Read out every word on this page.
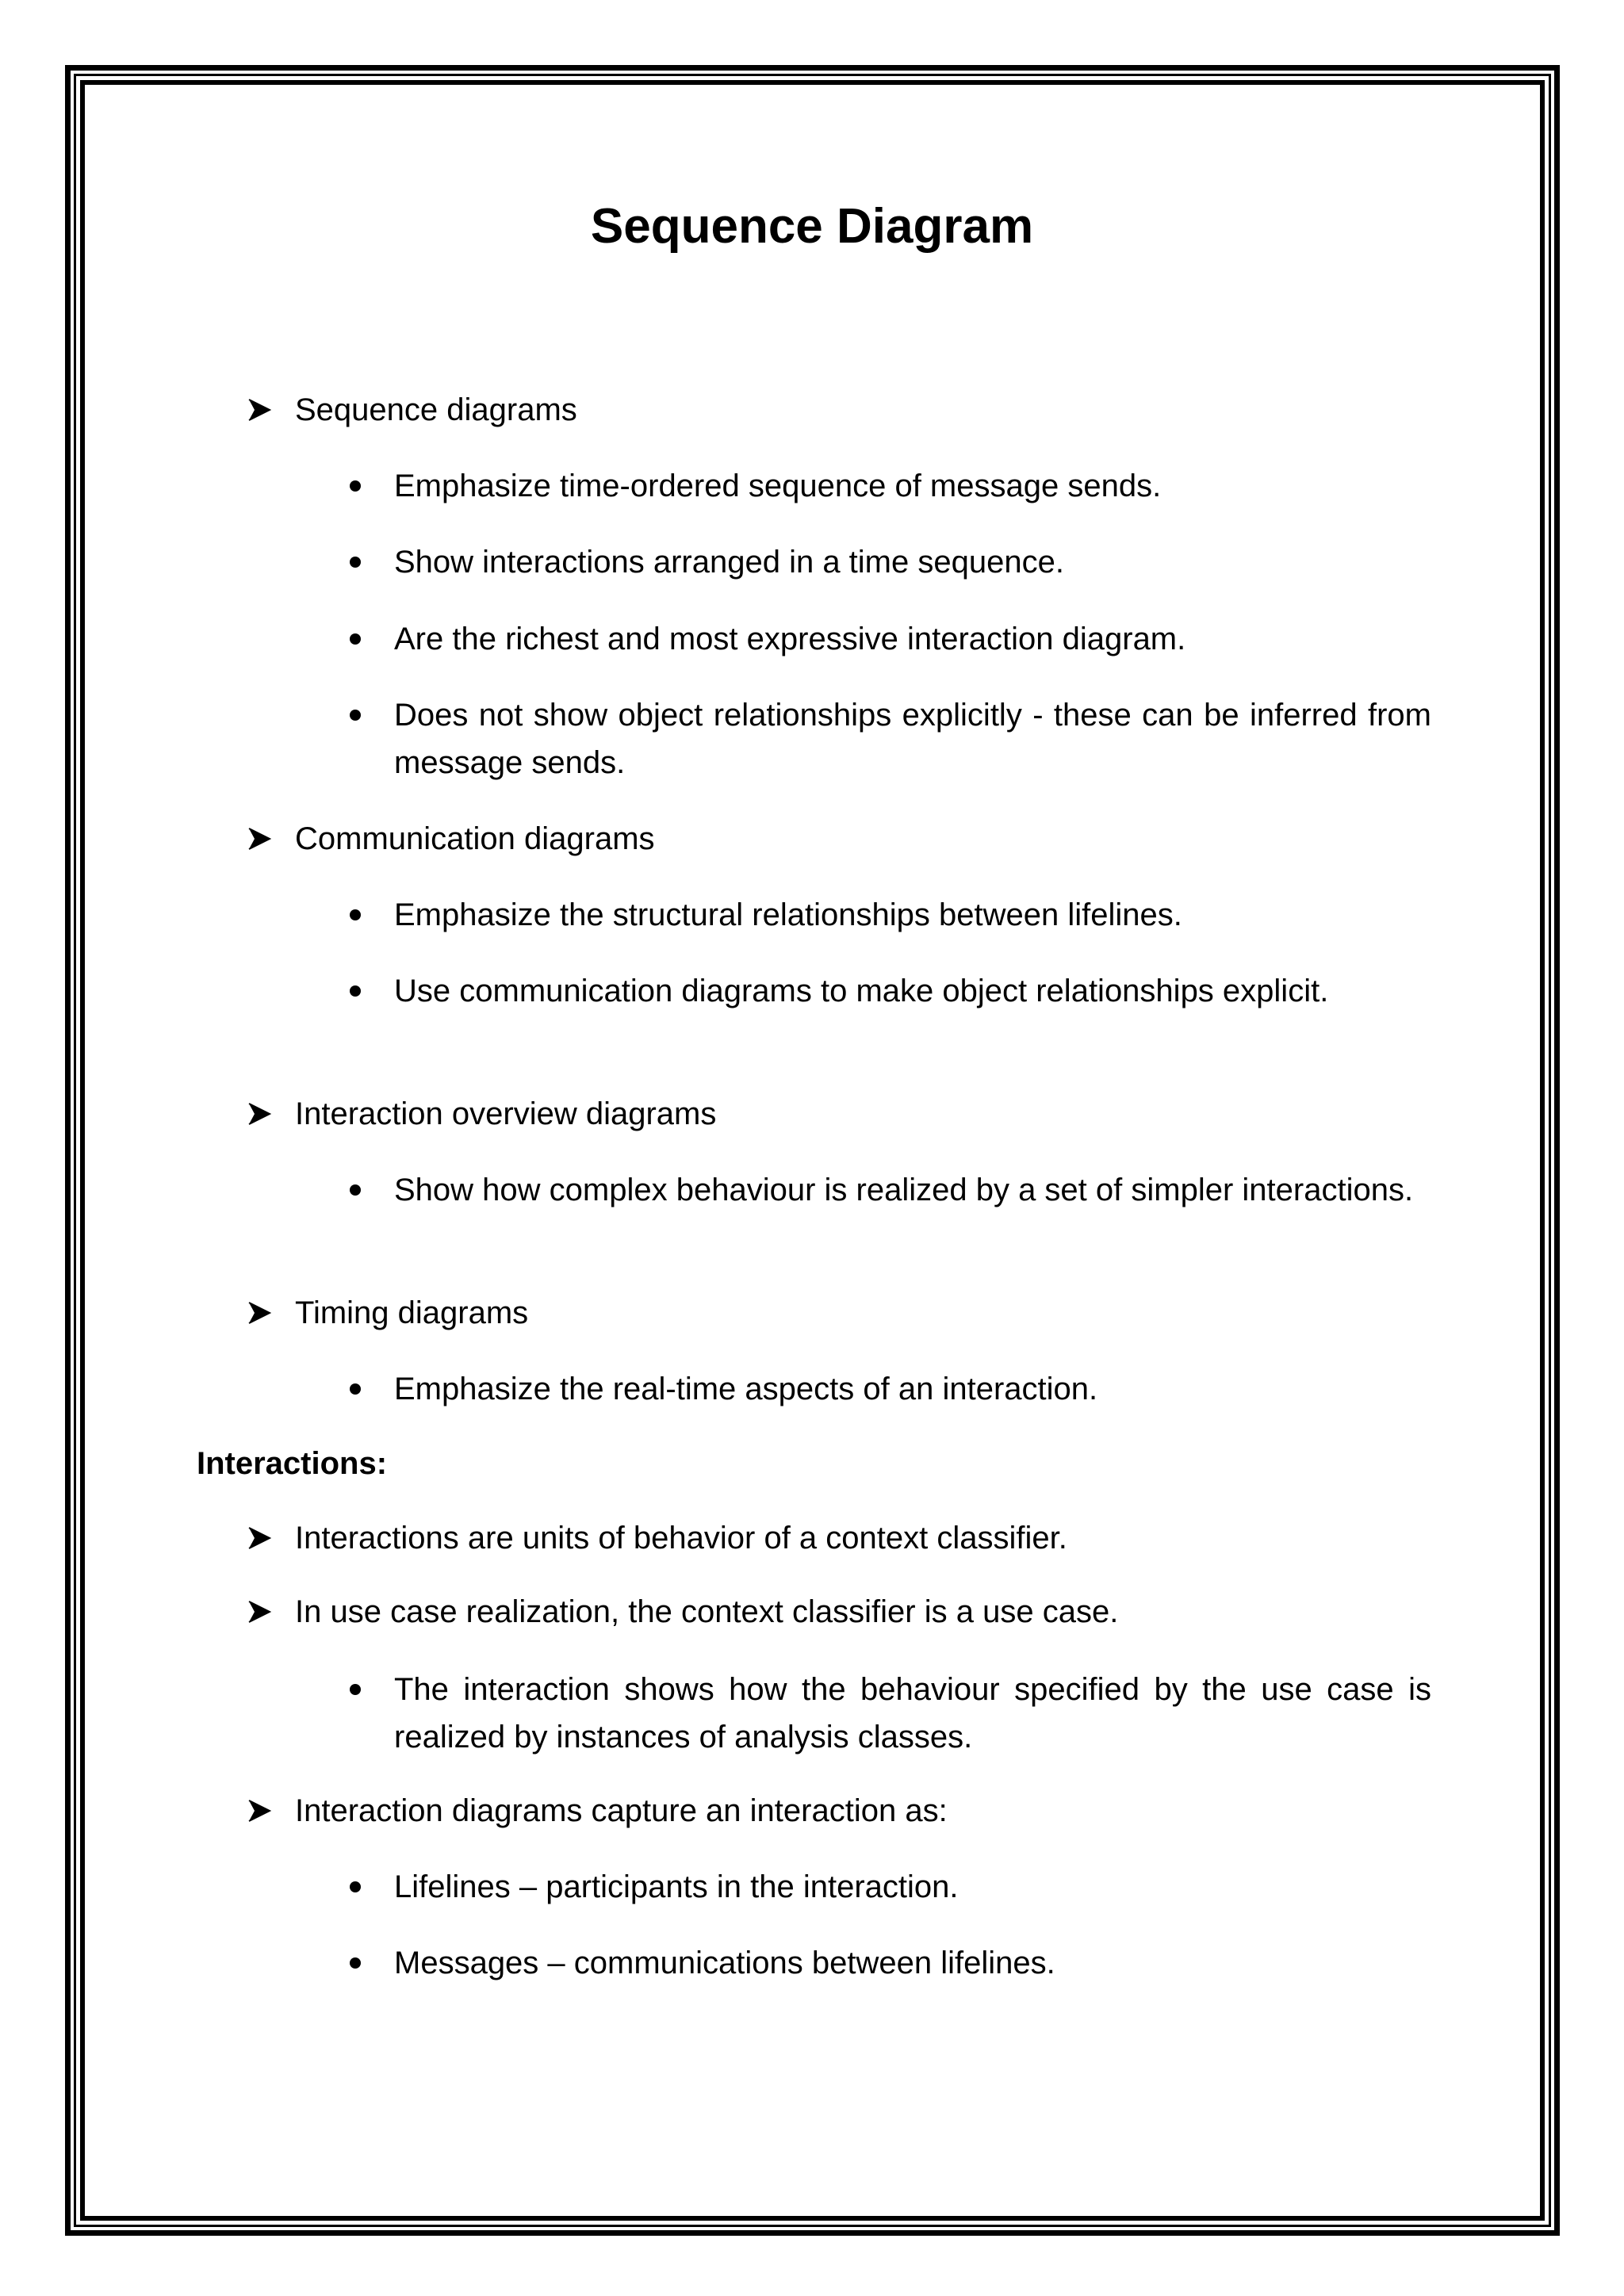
Sequence Diagram
Sequence diagrams
Emphasize time-ordered sequence of message sends.
Show interactions arranged in a time sequence.
Are the richest and most expressive interaction diagram.
Does not show object relationships explicitly - these can be inferred from message sends.
Communication diagrams
Emphasize the structural relationships between lifelines.
Use communication diagrams to make object relationships explicit.
Interaction overview diagrams
Show how complex behaviour is realized by a set of simpler interactions.
Timing diagrams
Emphasize the real-time aspects of an interaction.
Interactions:
Interactions are units of behavior of a context classifier.
In use case realization, the context classifier is a use case.
The interaction shows how the behaviour specified by the use case is realized by instances of analysis classes.
Interaction diagrams capture an interaction as:
Lifelines – participants in the interaction.
Messages – communications between lifelines.
